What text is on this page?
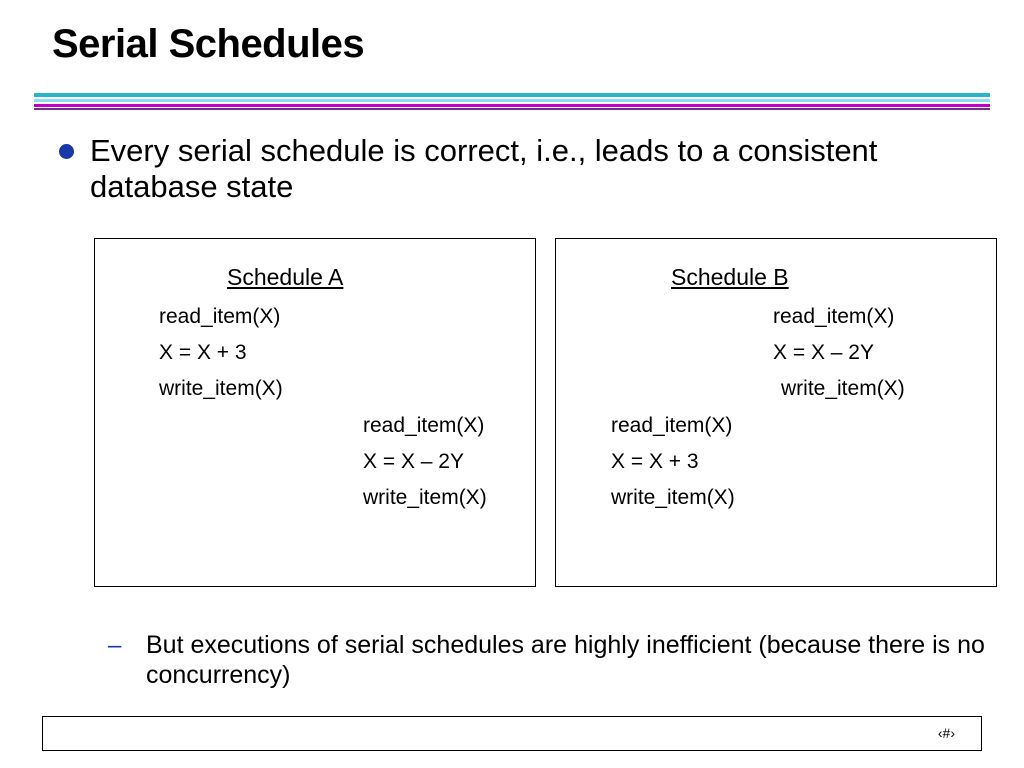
Serial Schedules
Every serial schedule is correct, i.e., leads to a consistent database state
Schedule A
read_item(X)
X = X + 3
write_item(X)
read_item(X)
X = X – 2Y
write_item(X)
Schedule B
read_item(X)
X = X – 2Y
write_item(X)
read_item(X)
X = X + 3
write_item(X)
– But executions of serial schedules are highly inefficient (because there is no concurrency)
‹#›
